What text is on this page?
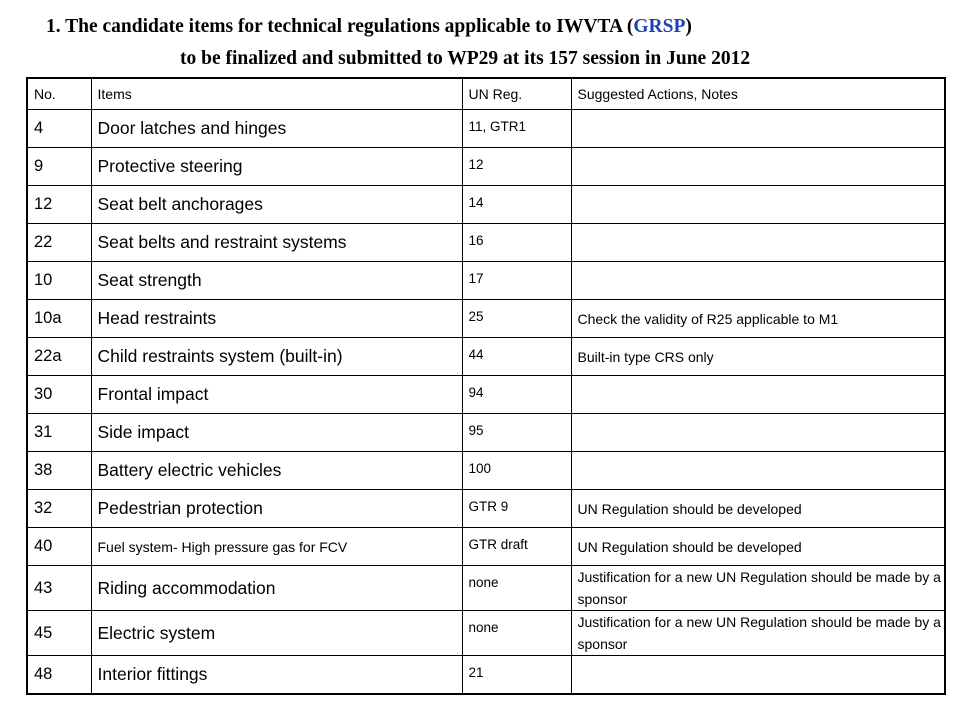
1. The candidate items for technical regulations applicable to IWVTA (GRSP)
to be finalized and submitted to WP29 at its 157 session in June 2012
No.	Items	UN Reg.	Suggested Actions, Notes
4	Door latches and hinges	11, GTR1	

9	Protective steering	12	

12	Seat belt anchorages	14	

22	Seat belts and restraint systems	16	

10	Seat strength	17	

10a	Head restraints	25	Check the validity of R25 applicable to M1
22a	Child restraints system (built-in)	44	Built-in type CRS only
30	Frontal impact	94	

31	Side impact	95	

38	Battery electric vehicles	100	

32	Pedestrian protection	GTR 9	UN Regulation should be developed
40	Fuel system- High pressure gas for FCV	GTR draft	UN Regulation should be developed
43	Riding accommodation	none	Justification for a new UN Regulation should be made by a sponsor
45	Electric system	none	Justification for a new UN Regulation should be made by a sponsor
48	Interior fittings	21	
